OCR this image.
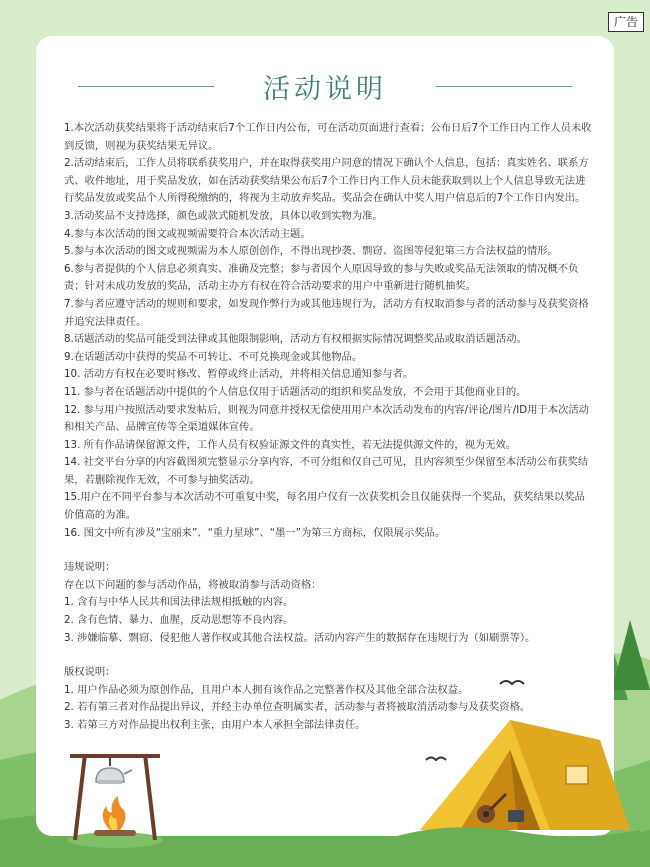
广告
活动说明

1.本次活动获奖结果将于活动结束后7个工作日内公布，可在活动页面进行查看；公布日后7个工作日内工作人员未收到反馈，则视为获奖结果无异议。

2.活动结束后，工作人员将联系获奖用户，并在取得获奖用户同意的情况下确认个人信息，包括：真实姓名、联系方式、收件地址，用于奖品发放，如在活动获奖结果公布后7个工作日内工作人员未能获取到以上个人信息导致无法进行奖品发放或奖品个人所得税缴纳的，将视为主动放弃奖品。奖品会在确认中奖人用户信息后的7个工作日内发出。

3.活动奖品不支持选择，颜色或款式随机发放，具体以收到实物为准。

4.参与本次活动的图文或视频需要符合本次活动主题。

5.参与本次活动的图文或视频需为本人原创创作，不得出现抄袭、剽窃、盗图等侵犯第三方合法权益的情形。

6.参与者提供的个人信息必须真实、准确及完整；参与者因个人原因导致的参与失败或奖品无法领取的情况概不负责；针对未成功发放的奖品，活动主办方有权在符合活动要求的用户中重新进行随机抽奖。

7.参与者应遵守活动的规则和要求，如发现作弊行为或其他违规行为，活动方有权取消参与者的活动参与及获奖资格并追究法律责任。

8.话题活动的奖品可能受到法律或其他限制影响，活动方有权根据实际情况调整奖品或取消话题活动。

9.在话题活动中获得的奖品不可转让、不可兑换现金或其他物品。

10. 活动方有权在必要时修改、暂停或终止活动，并将相关信息通知参与者。

11. 参与者在话题活动中提供的个人信息仅用于话题活动的组织和奖品发放，不会用于其他商业目的。

12. 参与用户按照活动要求发帖后，则视为同意并授权无偿使用用户本次活动发布的内容/评论/图片/ID用于本次活动和相关产品、品牌宣传等全渠道媒体宣传。

13. 所有作品请保留源文件，工作人员有权验证源文件的真实性，若无法提供源文件的，视为无效。

14. 社交平台分享的内容截图须完整显示分享内容，不可分组和仅自己可见，且内容须至少保留至本活动公布获奖结果，若删除视作无效，不可参与抽奖活动。

15.用户在不同平台参与本次活动不可重复中奖，每名用户仅有一次获奖机会且仅能获得一个奖品，获奖结果以奖品价值高的为准。

16. 图文中所有涉及“宝丽来”、“重力星球”、“墨一”为第三方商标，仅限展示奖品。

违规说明：

存在以下问题的参与活动作品，将被取消参与活动资格：

1. 含有与中华人民共和国法律法规相抵触的内容。

2. 含有色情、暴力、血腥，反动思想等不良内容。

3. 涉嫌临摹、剽窃、侵犯他人著作权或其他合法权益。活动内容产生的数据存在违规行为（如刷票等）。

版权说明：

1. 用户作品必须为原创作品，且用户本人拥有该作品之完整著作权及其他全部合法权益。

2. 若有第三者对作品提出异议，并经主办单位查明属实者，活动参与者将被取消活动参与及获奖资格。

3. 若第三方对作品提出权利主张，由用户本人承担全部法律责任。
